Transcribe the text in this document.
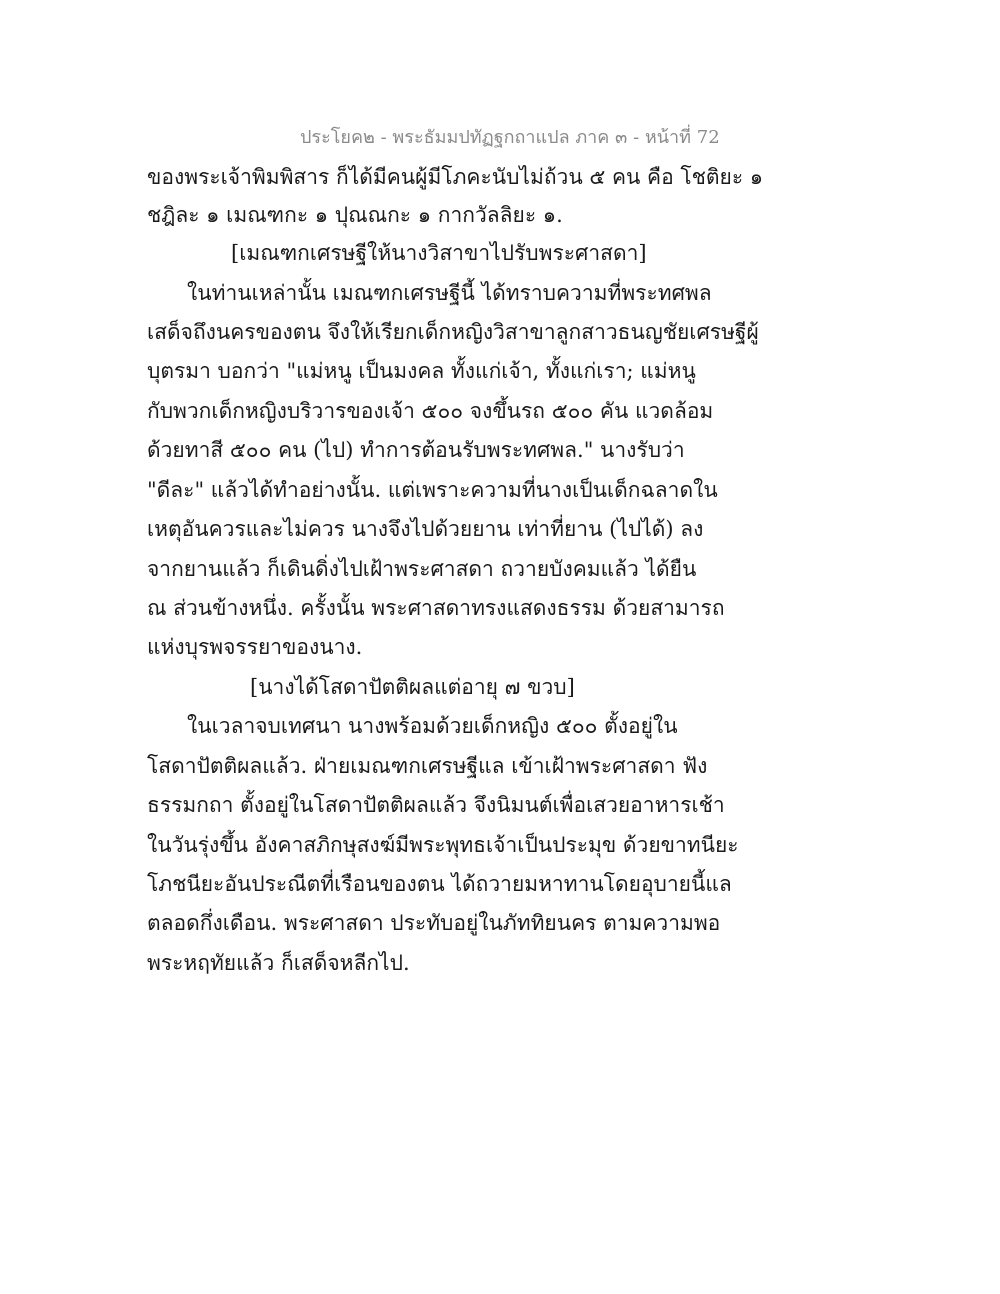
ประโยค๒ - พระธัมมปทัฏฐกถาแปล ภาค ๓ - หน้าที่ 72
ของพระเจ้าพิมพิสาร ก็ได้มีคนผู้มีโภคะนับไม่ถ้วน ๕ คน คือ โชติยะ ๑
ชฎิละ ๑ เมณฑกะ ๑ ปุณณกะ ๑ กากวัลลิยะ ๑.
[เมณฑกเศรษฐีให้นางวิสาขาไปรับพระศาสดา]
ในท่านเหล่านั้น เมณฑกเศรษฐีนี้ ได้ทราบความที่พระทศพล
เสด็จถึงนครของตน จึงให้เรียกเด็กหญิงวิสาขาลูกสาวธนญชัยเศรษฐีผู้
บุตรมา บอกว่า "แม่หนู เป็นมงคล ทั้งแก่เจ้า, ทั้งแก่เรา; แม่หนู
กับพวกเด็กหญิงบริวารของเจ้า ๕๐๐ จงขึ้นรถ ๕๐๐ คัน แวดล้อม
ด้วยทาสี ๕๐๐ คน (ไป) ทำการต้อนรับพระทศพล." นางรับว่า
"ดีละ" แล้วได้ทำอย่างนั้น. แต่เพราะความที่นางเป็นเด็กฉลาดใน
เหตุอันควรและไม่ควร นางจึงไปด้วยยาน เท่าที่ยาน (ไปได้) ลง
จากยานแล้ว ก็เดินดิ่งไปเฝ้าพระศาสดา ถวายบังคมแล้ว ได้ยืน
ณ ส่วนข้างหนึ่ง. ครั้งนั้น พระศาสดาทรงแสดงธรรม ด้วยสามารถ
แห่งบุรพจรรยาของนาง.
[นางได้โสดาปัตติผลแต่อายุ ๗ ขวบ]
ในเวลาจบเทศนา นางพร้อมด้วยเด็กหญิง ๕๐๐ ตั้งอยู่ใน
โสดาปัตติผลแล้ว. ฝ่ายเมณฑกเศรษฐีแล เข้าเฝ้าพระศาสดา ฟัง
ธรรมกถา ตั้งอยู่ในโสดาปัตติผลแล้ว จึงนิมนต์เพื่อเสวยอาหารเช้า
ในวันรุ่งขึ้น อังคาสภิกษุสงฆ์มีพระพุทธเจ้าเป็นประมุข ด้วยขาทนียะ
โภชนียะอันประณีตที่เรือนของตน ได้ถวายมหาทานโดยอุบายนี้แล
ตลอดกึ่งเดือน. พระศาสดา ประทับอยู่ในภัททิยนคร ตามความพอ
พระหฤทัยแล้ว ก็เสด็จหลีกไป.
